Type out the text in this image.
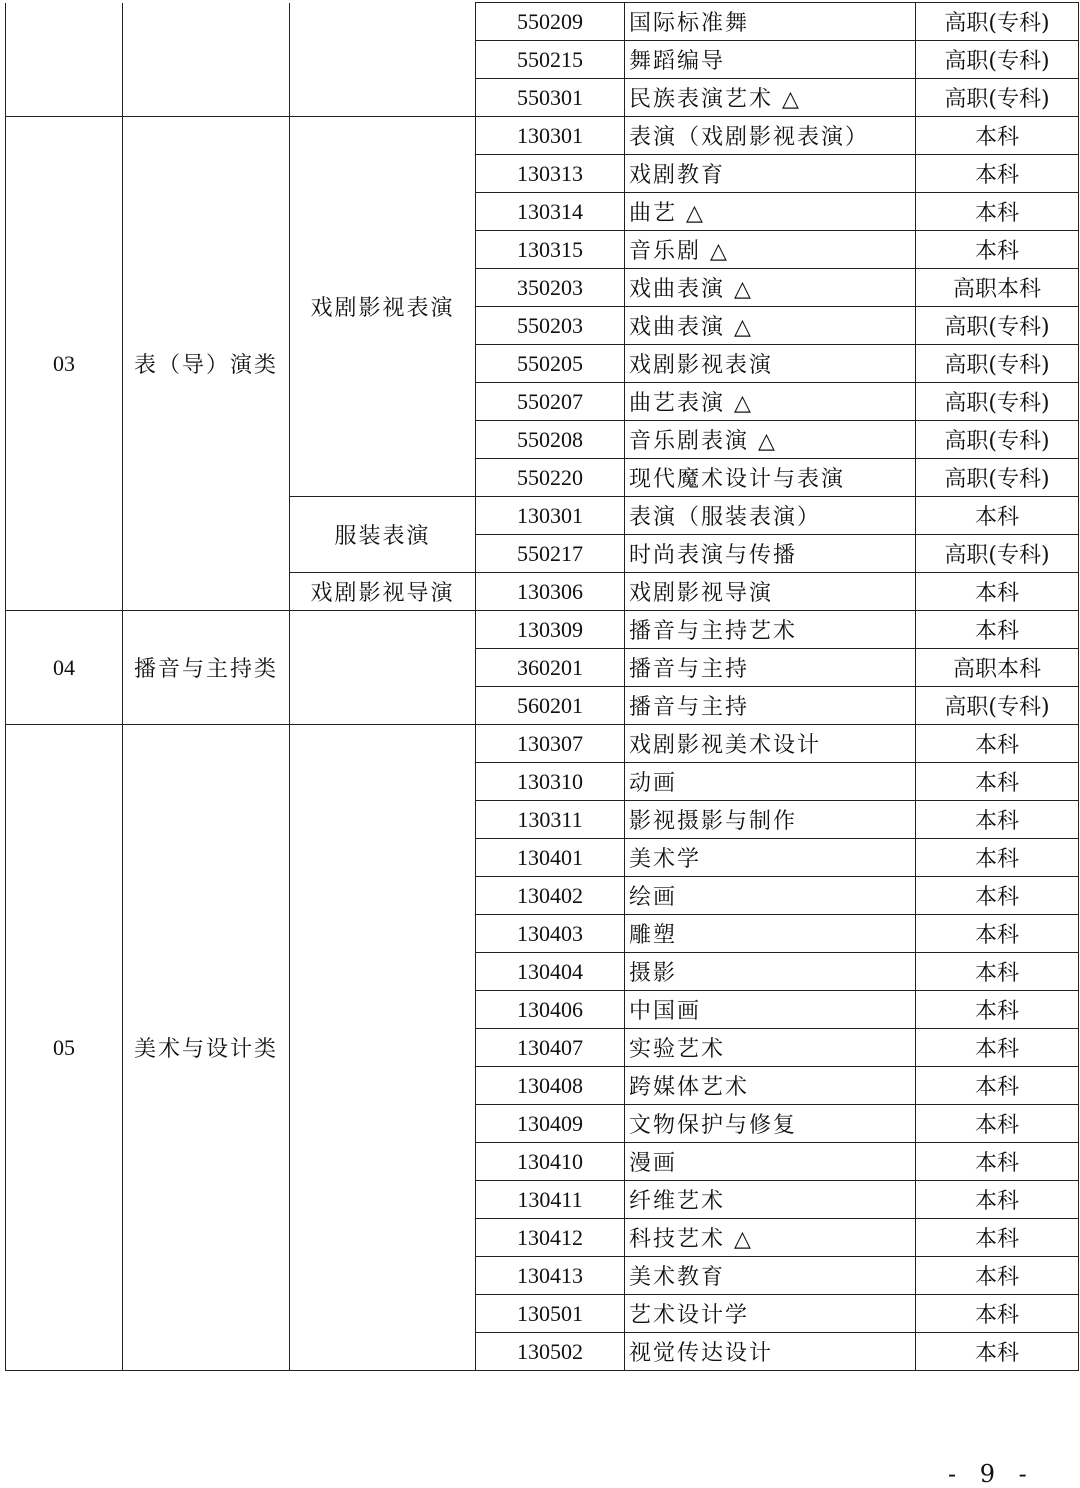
			550209	国际标准舞	高职(专科)
			550215	舞蹈编导	高职(专科)
			550301	民族表演艺术 △	高职(专科)
03	表（导）演类	戏剧影视表演	130301	表演（戏剧影视表演）	本科
			130313	戏剧教育	本科
			130314	曲艺 △	本科
			130315	音乐剧 △	本科
			350203	戏曲表演 △	高职本科
			550203	戏曲表演 △	高职(专科)
			550205	戏剧影视表演	高职(专科)
			550207	曲艺表演 △	高职(专科)
			550208	音乐剧表演 △	高职(专科)
			550220	现代魔术设计与表演	高职(专科)
		服装表演	130301	表演（服装表演）	本科
			550217	时尚表演与传播	高职(专科)
		戏剧影视导演	130306	戏剧影视导演	本科
04	播音与主持类		130309	播音与主持艺术	本科
			360201	播音与主持	高职本科
			560201	播音与主持	高职(专科)
05	美术与设计类		130307	戏剧影视美术设计	本科
			130310	动画	本科
			130311	影视摄影与制作	本科
			130401	美术学	本科
			130402	绘画	本科
			130403	雕塑	本科
			130404	摄影	本科
			130406	中国画	本科
			130407	实验艺术	本科
			130408	跨媒体艺术	本科
			130409	文物保护与修复	本科
			130410	漫画	本科
			130411	纤维艺术	本科
			130412	科技艺术 △	本科
			130413	美术教育	本科
			130501	艺术设计学	本科
			130502	视觉传达设计	本科
- 9 -
